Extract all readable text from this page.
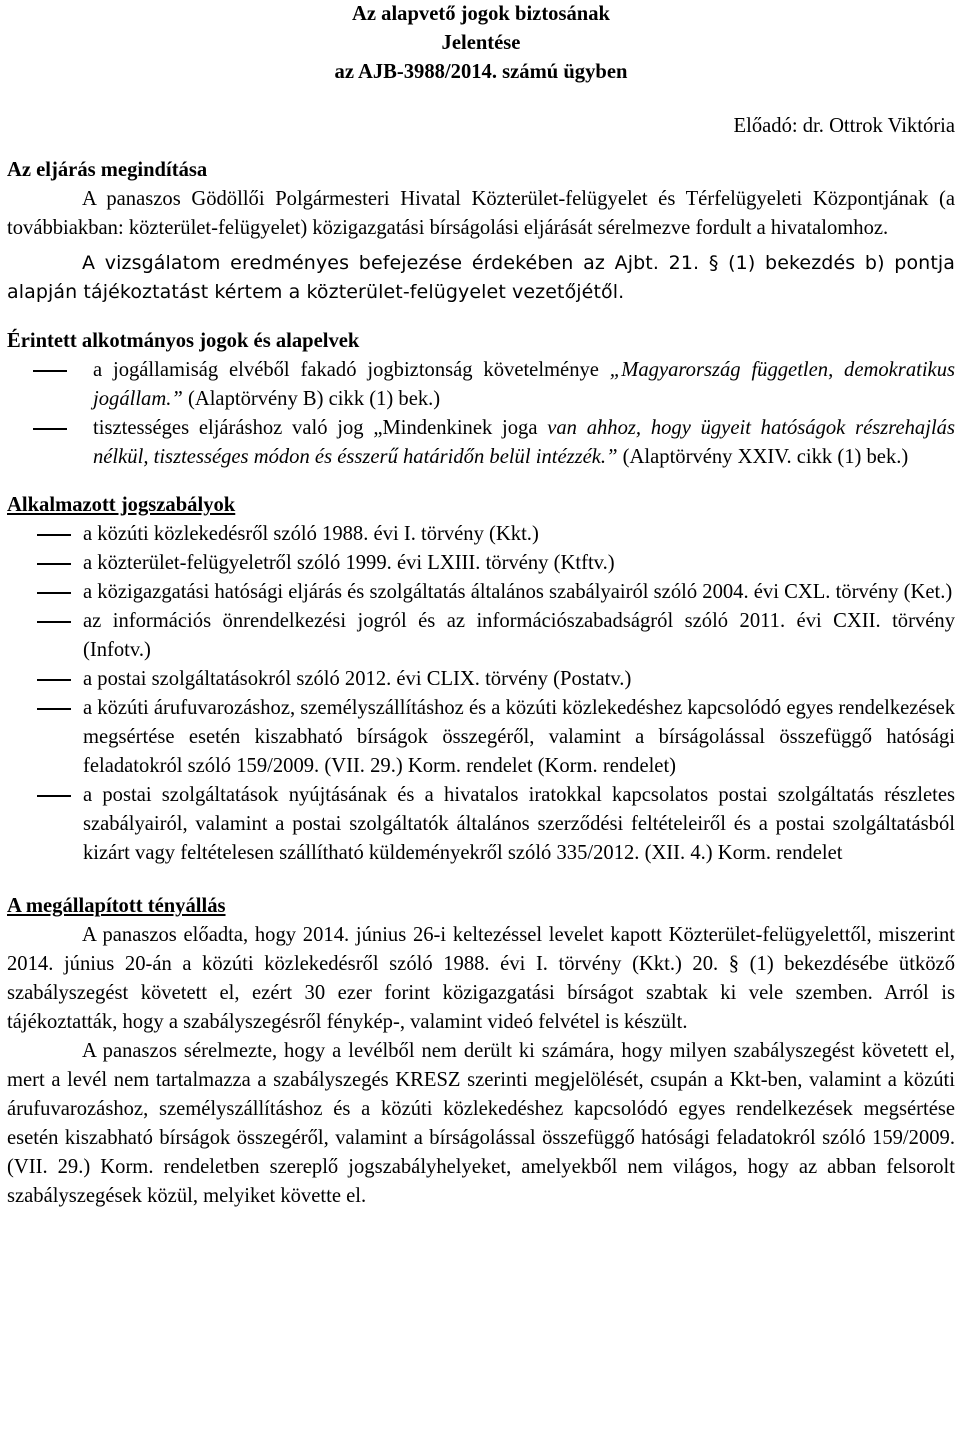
Az alapvető jogok biztosának

Jelentése

az AJB-3988/2014. számú ügyben

Előadó: dr. Ottrok Viktória

Az eljárás megindítása

A panaszos Gödöllői Polgármesteri Hivatal Közterület-felügyelet és Térfelügyeleti Központjának (a továbbiakban: közterület-felügyelet) közigazgatási bírságolási eljárását sérelmezve fordult a hivatalomhoz.

A vizsgálatom eredményes befejezése érdekében az Ajbt. 21. § (1) bekezdés b) pontja alapján tájékoztatást kértem a közterület-felügyelet vezetőjétől.

Érintett alkotmányos jogok és alapelvek

a jogállamiság elvéből fakadó jogbiztonság követelménye „Magyarország független, demokratikus jogállam.” (Alaptörvény B) cikk (1) bek.)
tisztességes eljáráshoz való jog „Mindenkinek joga van ahhoz, hogy ügyeit hatóságok részrehajlás nélkül, tisztességes módon és ésszerű határidőn belül intézzék.” (Alaptörvény XXIV. cikk (1) bek.)

Alkalmazott jogszabályok

a közúti közlekedésről szóló 1988. évi I. törvény (Kkt.)
a közterület-felügyeletről szóló 1999. évi LXIII. törvény (Ktftv.)
a közigazgatási hatósági eljárás és szolgáltatás általános szabályairól szóló 2004. évi CXL. törvény (Ket.)
az információs önrendelkezési jogról és az információszabadságról szóló 2011. évi CXII. törvény (Infotv.)
a postai szolgáltatásokról szóló 2012. évi CLIX. törvény (Postatv.)
a közúti árufuvarozáshoz, személyszállításhoz és a közúti közlekedéshez kapcsolódó egyes rendelkezések megsértése esetén kiszabható bírságok összegéről, valamint a bírságolással összefüggő hatósági feladatokról szóló 159/2009. (VII. 29.) Korm. rendelet (Korm. rendelet)
a postai szolgáltatások nyújtásának és a hivatalos iratokkal kapcsolatos postai szolgáltatás részletes szabályairól, valamint a postai szolgáltatók általános szerződési feltételeiről és a postai szolgáltatásból kizárt vagy feltételesen szállítható küldeményekről szóló 335/2012. (XII. 4.) Korm. rendelet

A megállapított tényállás

A panaszos előadta, hogy 2014. június 26-i keltezéssel levelet kapott Közterület-felügyelettől, miszerint 2014. június 20-án a közúti közlekedésről szóló 1988. évi I. törvény (Kkt.) 20. § (1) bekezdésébe ütköző szabályszegést követett el, ezért 30 ezer forint közigazgatási bírságot szabtak ki vele szemben. Arról is tájékoztatták, hogy a szabályszegésről fénykép-, valamint videó felvétel is készült.

A panaszos sérelmezte, hogy a levélből nem derült ki számára, hogy milyen szabályszegést követett el, mert a levél nem tartalmazza a szabályszegés KRESZ szerinti megjelölését, csupán a Kkt-ben, valamint a közúti árufuvarozáshoz, személyszállításhoz és a közúti közlekedéshez kapcsolódó egyes rendelkezések megsértése esetén kiszabható bírságok összegéről, valamint a bírságolással összefüggő hatósági feladatokról szóló 159/2009. (VII. 29.) Korm. rendeletben szereplő jogszabályhelyeket, amelyekből nem világos, hogy az abban felsorolt szabályszegések közül, melyiket követte el.
